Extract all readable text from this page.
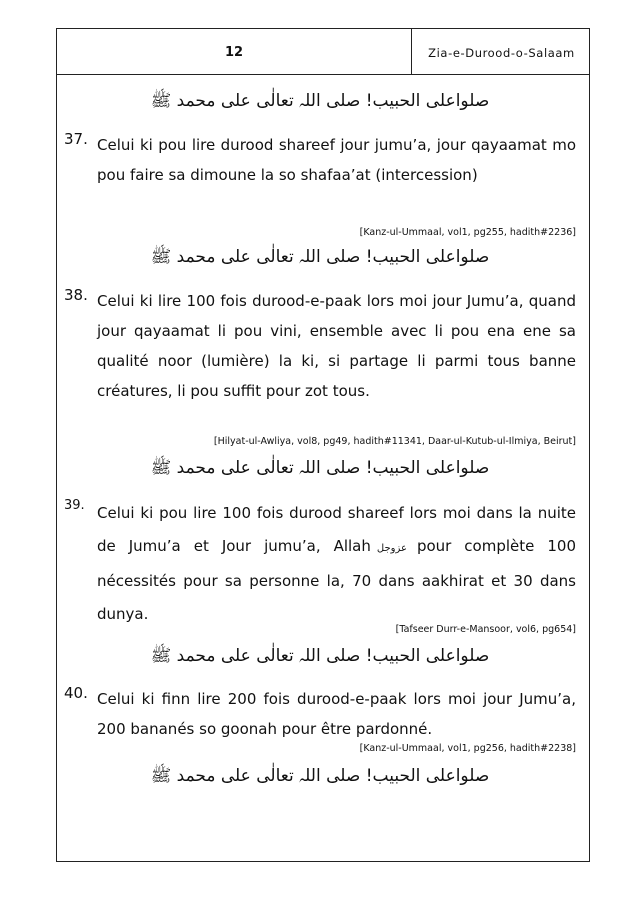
12	Zia-e-Durood-o-Salaam
صلواعلی الحبیب! صلی اللہ تعالٰی علی محمد ﷺ
37. Celui ki pou lire durood shareef jour jumu’a, jour qayaamat mo pou faire sa dimoune la so shafaa’at (intercession)
[Kanz-ul-Ummaal, vol1, pg255, hadith#2236]
صلواعلی الحبیب! صلی اللہ تعالٰی علی محمد ﷺ
38. Celui ki lire 100 fois durood-e-paak lors moi jour Jumu’a, quand jour qayaamat li pou vini, ensemble avec li pou ena ene sa qualité noor (lumière) la ki, si partage li parmi tous banne créatures, li pou suffit pour zot tous.
[Hilyat-ul-Awliya, vol8, pg49, hadith#11341, Daar-ul-Kutub-ul-Ilmiya, Beirut]
صلواعلی الحبیب! صلی اللہ تعالٰی علی محمد ﷺ
39. Celui ki pou lire 100 fois durood shareef lors moi dans la nuite de Jumu’a et Jour jumu’a, Allah عزوجل pour complète 100 nécessités pour sa personne la, 70 dans aakhirat et 30 dans dunya.
[Tafseer Durr-e-Mansoor, vol6, pg654]
صلواعلی الحبیب! صلی اللہ تعالٰی علی محمد ﷺ
40. Celui ki finn lire 200 fois durood-e-paak lors moi jour Jumu’a, 200 bananés so goonah pour être pardonné.
[Kanz-ul-Ummaal, vol1, pg256, hadith#2238]
صلواعلی الحبیب! صلی اللہ تعالٰی علی محمد ﷺ
